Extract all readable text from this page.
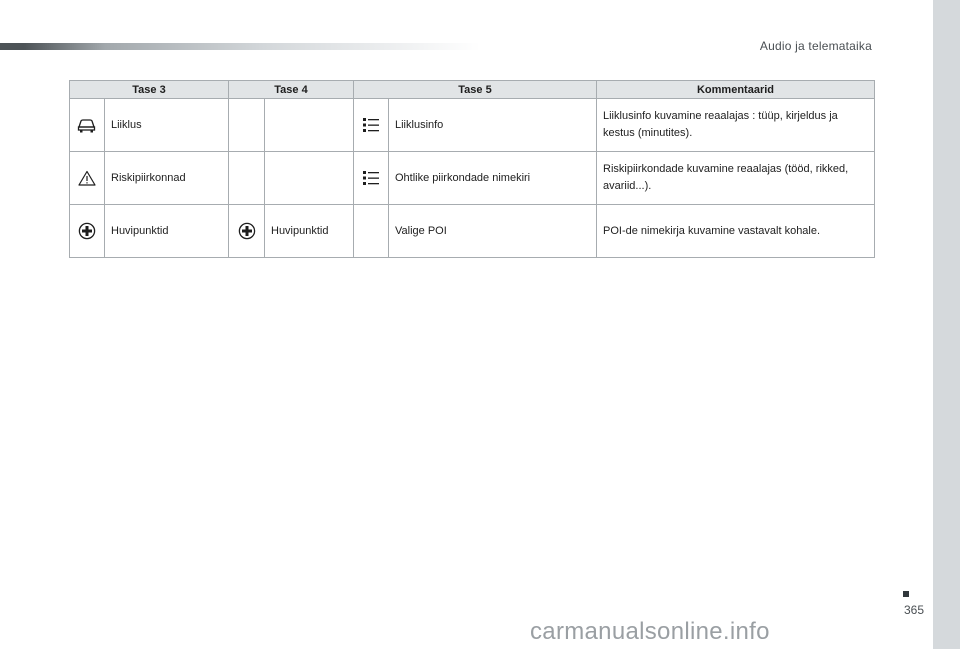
Audio ja telemataika
Tase 3		Tase 4		Tase 5		Kommentaarid
	Liiklus				Liiklusinfo	Liiklusinfo kuvamine reaalajas : tüüp, kirjeldus ja kestus (minutites).
	Riskipiirkonnad				Ohtlike piirkondade nimekiri	Riskipiirkondade kuvamine reaalajas (tööd, rikked, avariid...).
	Huvipunktid		Huvipunktid		Valige POI	POI-de nimekirja kuvamine vastavalt kohale.
365
carmanualsonline.info
